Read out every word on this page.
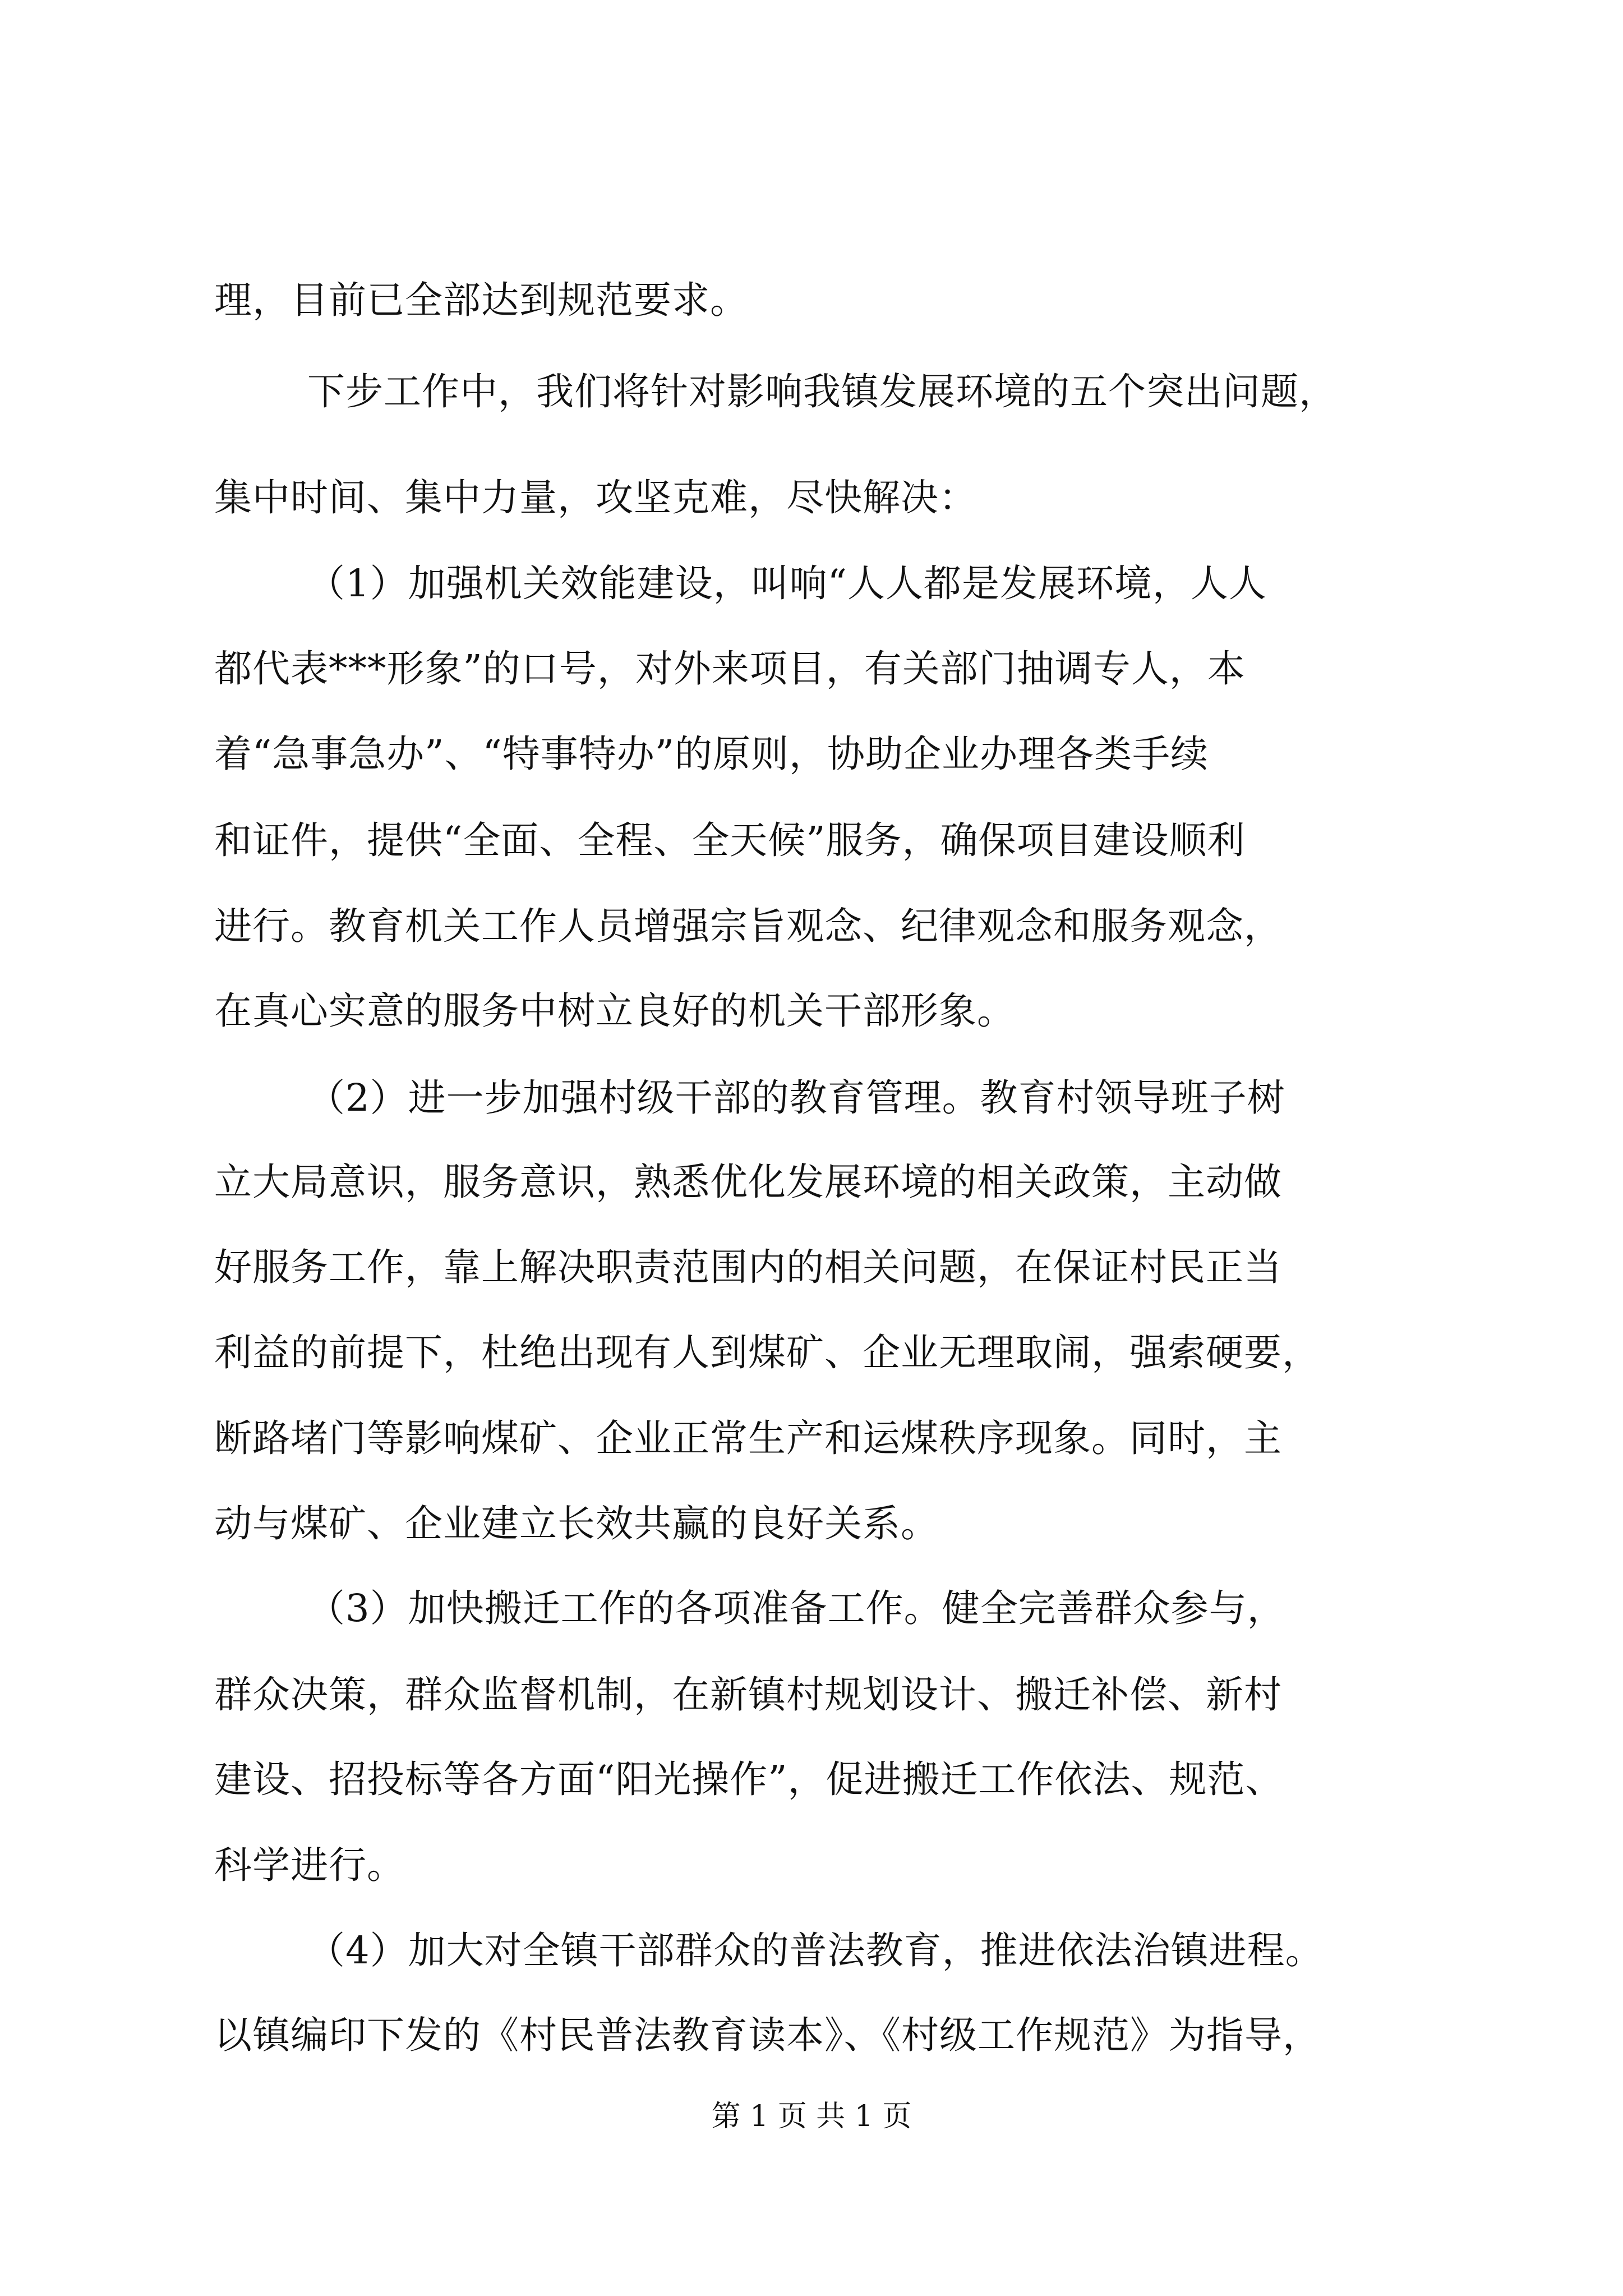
理，目前已全部达到规范要求。
下步工作中，我们将针对影响我镇发展环境的五个突出问题，
集中时间、集中力量，攻坚克难，尽快解决：
（1）加强机关效能建设，叫响“人人都是发展环境，人人
都代表***形象”的口号，对外来项目，有关部门抽调专人，本
着“急事急办”、“特事特办”的原则，协助企业办理各类手续
和证件，提供“全面、全程、全天候”服务，确保项目建设顺利
进行。教育机关工作人员增强宗旨观念、纪律观念和服务观念，
在真心实意的服务中树立良好的机关干部形象。
（2）进一步加强村级干部的教育管理。教育村领导班子树
立大局意识，服务意识，熟悉优化发展环境的相关政策，主动做
好服务工作，靠上解决职责范围内的相关问题，在保证村民正当
利益的前提下，杜绝出现有人到煤矿、企业无理取闹，强索硬要，
断路堵门等影响煤矿、企业正常生产和运煤秩序现象。同时，主
动与煤矿、企业建立长效共赢的良好关系。
（3）加快搬迁工作的各项准备工作。健全完善群众参与，
群众决策，群众监督机制，在新镇村规划设计、搬迁补偿、新村
建设、招投标等各方面“阳光操作”，促进搬迁工作依法、规范、
科学进行。
（4）加大对全镇干部群众的普法教育，推进依法治镇进程。
以镇编印下发的《村民普法教育读本》、《村级工作规范》为指导，
第 1 页 共 1 页
